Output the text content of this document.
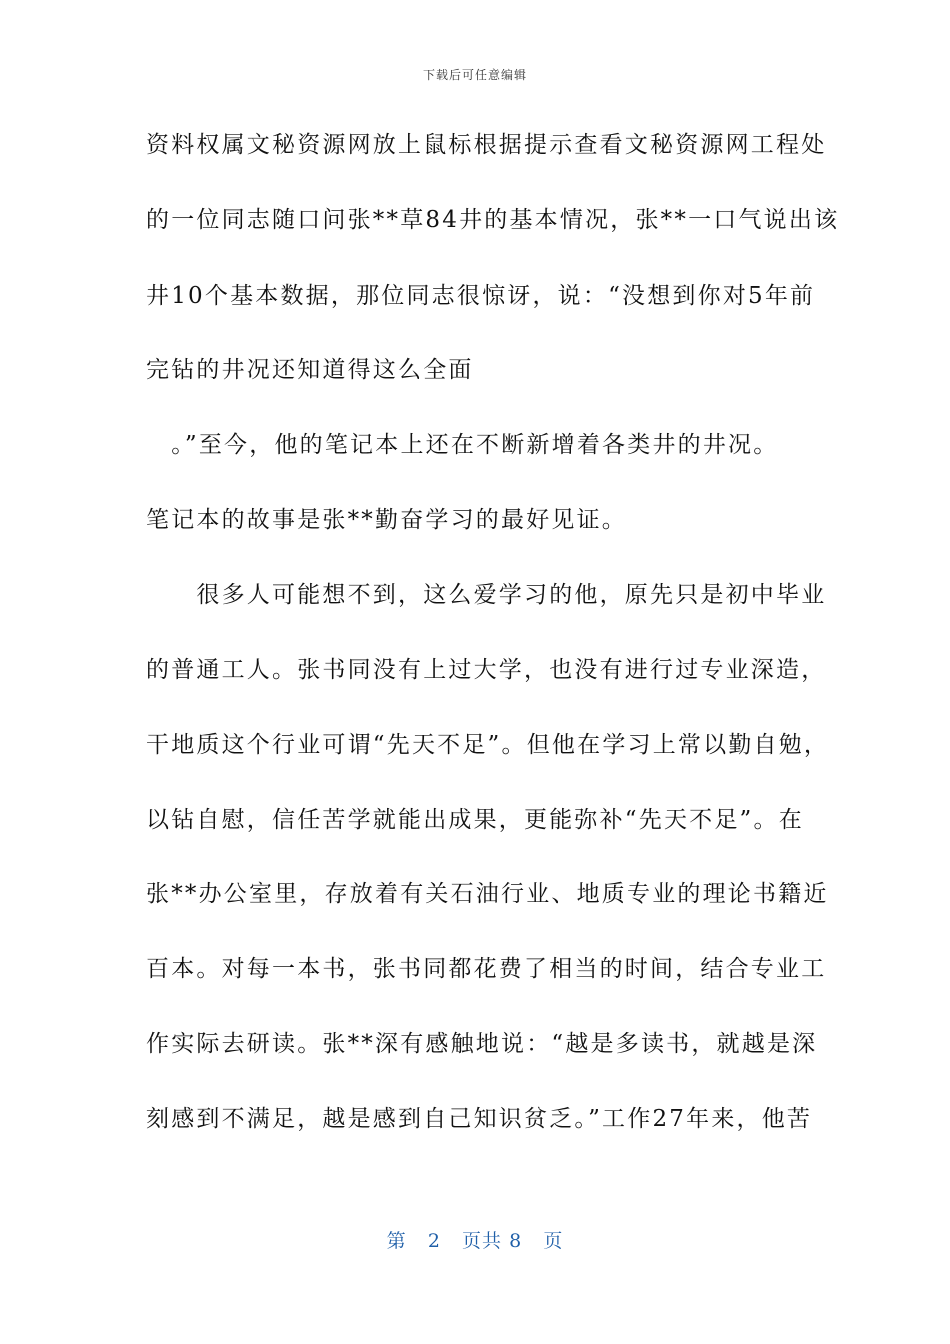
下载后可任意编辑
资料权属文秘资源网放上鼠标根据提示查看文秘资源网工程处
的一位同志随口问张**草84井的基本情况，张**一口气说出该
井10个基本数据，那位同志很惊讶，说：“没想到你对5年前
完钻的井况还知道得这么全面
　。”至今，他的笔记本上还在不断新增着各类井的井况。
笔记本的故事是张**勤奋学习的最好见证。
　　很多人可能想不到，这么爱学习的他，原先只是初中毕业
的普通工人。张书同没有上过大学，也没有进行过专业深造，
干地质这个行业可谓“先天不足”。但他在学习上常以勤自勉，
以钻自慰，信任苦学就能出成果，更能弥补“先天不足”。在
张**办公室里，存放着有关石油行业、地质专业的理论书籍近
百本。对每一本书，张书同都花费了相当的时间，结合专业工
作实际去研读。张**深有感触地说：“越是多读书，就越是深
刻感到不满足，越是感到自己知识贫乏。”工作27年来，他苦
第 2 页共 8 页
